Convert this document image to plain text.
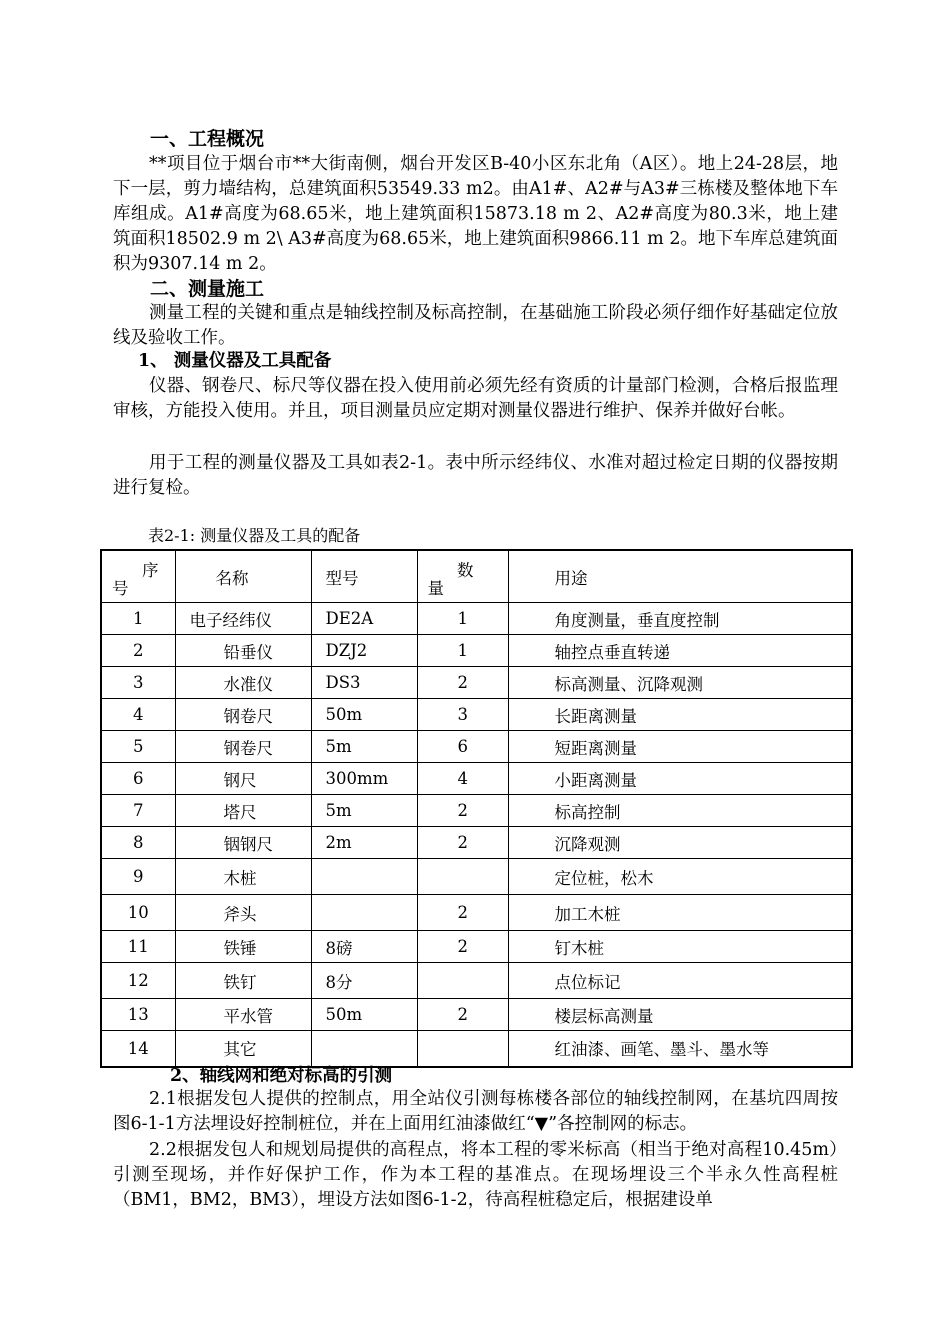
一、工程概况
**项目位于烟台市**大街南侧，烟台开发区B-40小区东北角（A区）。地上24-28层，地下一层，剪力墙结构，总建筑面积53549.33 m2。由A1#、A2#与A3#三栋楼及整体地下车库组成。A1#高度为68.65米，地上建筑面积15873.18 m 2、A2#高度为80.3米，地上建筑面积18502.9 m 2\ A3#高度为68.65米，地上建筑面积9866.11 m 2。地下车库总建筑面积为9307.14 m 2。
二、测量施工
测量工程的关键和重点是轴线控制及标高控制，在基础施工阶段必须仔细作好基础定位放线及验收工作。
1、 测量仪器及工具配备
仪器、钢卷尺、标尺等仪器在投入使用前必须先经有资质的计量部门检测，合格后报监理审核，方能投入使用。并且，项目测量员应定期对测量仪器进行维护、保养并做好台帐。
用于工程的测量仪器及工具如表2-1。表中所示经纬仪、水准对超过检定日期的仪器按期进行复检。
表2-1: 测量仪器及工具的配备
序
号	名称	型号	数
量	用途
1	电子经纬仪	DE2A	1	角度测量，垂直度控制
2	铅垂仪	DZJ2	1	轴控点垂直转递
3	水准仪	DS3	2	标高测量、沉降观测
4	钢卷尺	50m	3	长距离测量
5	钢卷尺	5m	6	短距离测量
6	钢尺	300mm	4	小距离测量
7	塔尺	5m	2	标高控制
8	铟钢尺	2m	2	沉降观测
9	木桩			定位桩，松木
10	斧头		2	加工木桩
11	铁锤	8磅	2	钉木桩
12	铁钉	8分		点位标记
13	平水管	50m	2	楼层标高测量
14	其它			红油漆、画笔、墨斗、墨水等
2、轴线网和绝对标高的引测
2.1根据发包人提供的控制点，用全站仪引测每栋楼各部位的轴线控制网，在基坑四周按图6-1-1方法埋设好控制桩位，并在上面用红油漆做红“▼”各控制网的标志。
2.2根据发包人和规划局提供的高程点，将本工程的零米标高（相当于绝对高程10.45m）引测至现场，并作好保护工作，作为本工程的基准点。在现场埋设三个半永久性高程桩（BM1，BM2，BM3），埋设方法如图6-1-2，待高程桩稳定后，根据建设单
